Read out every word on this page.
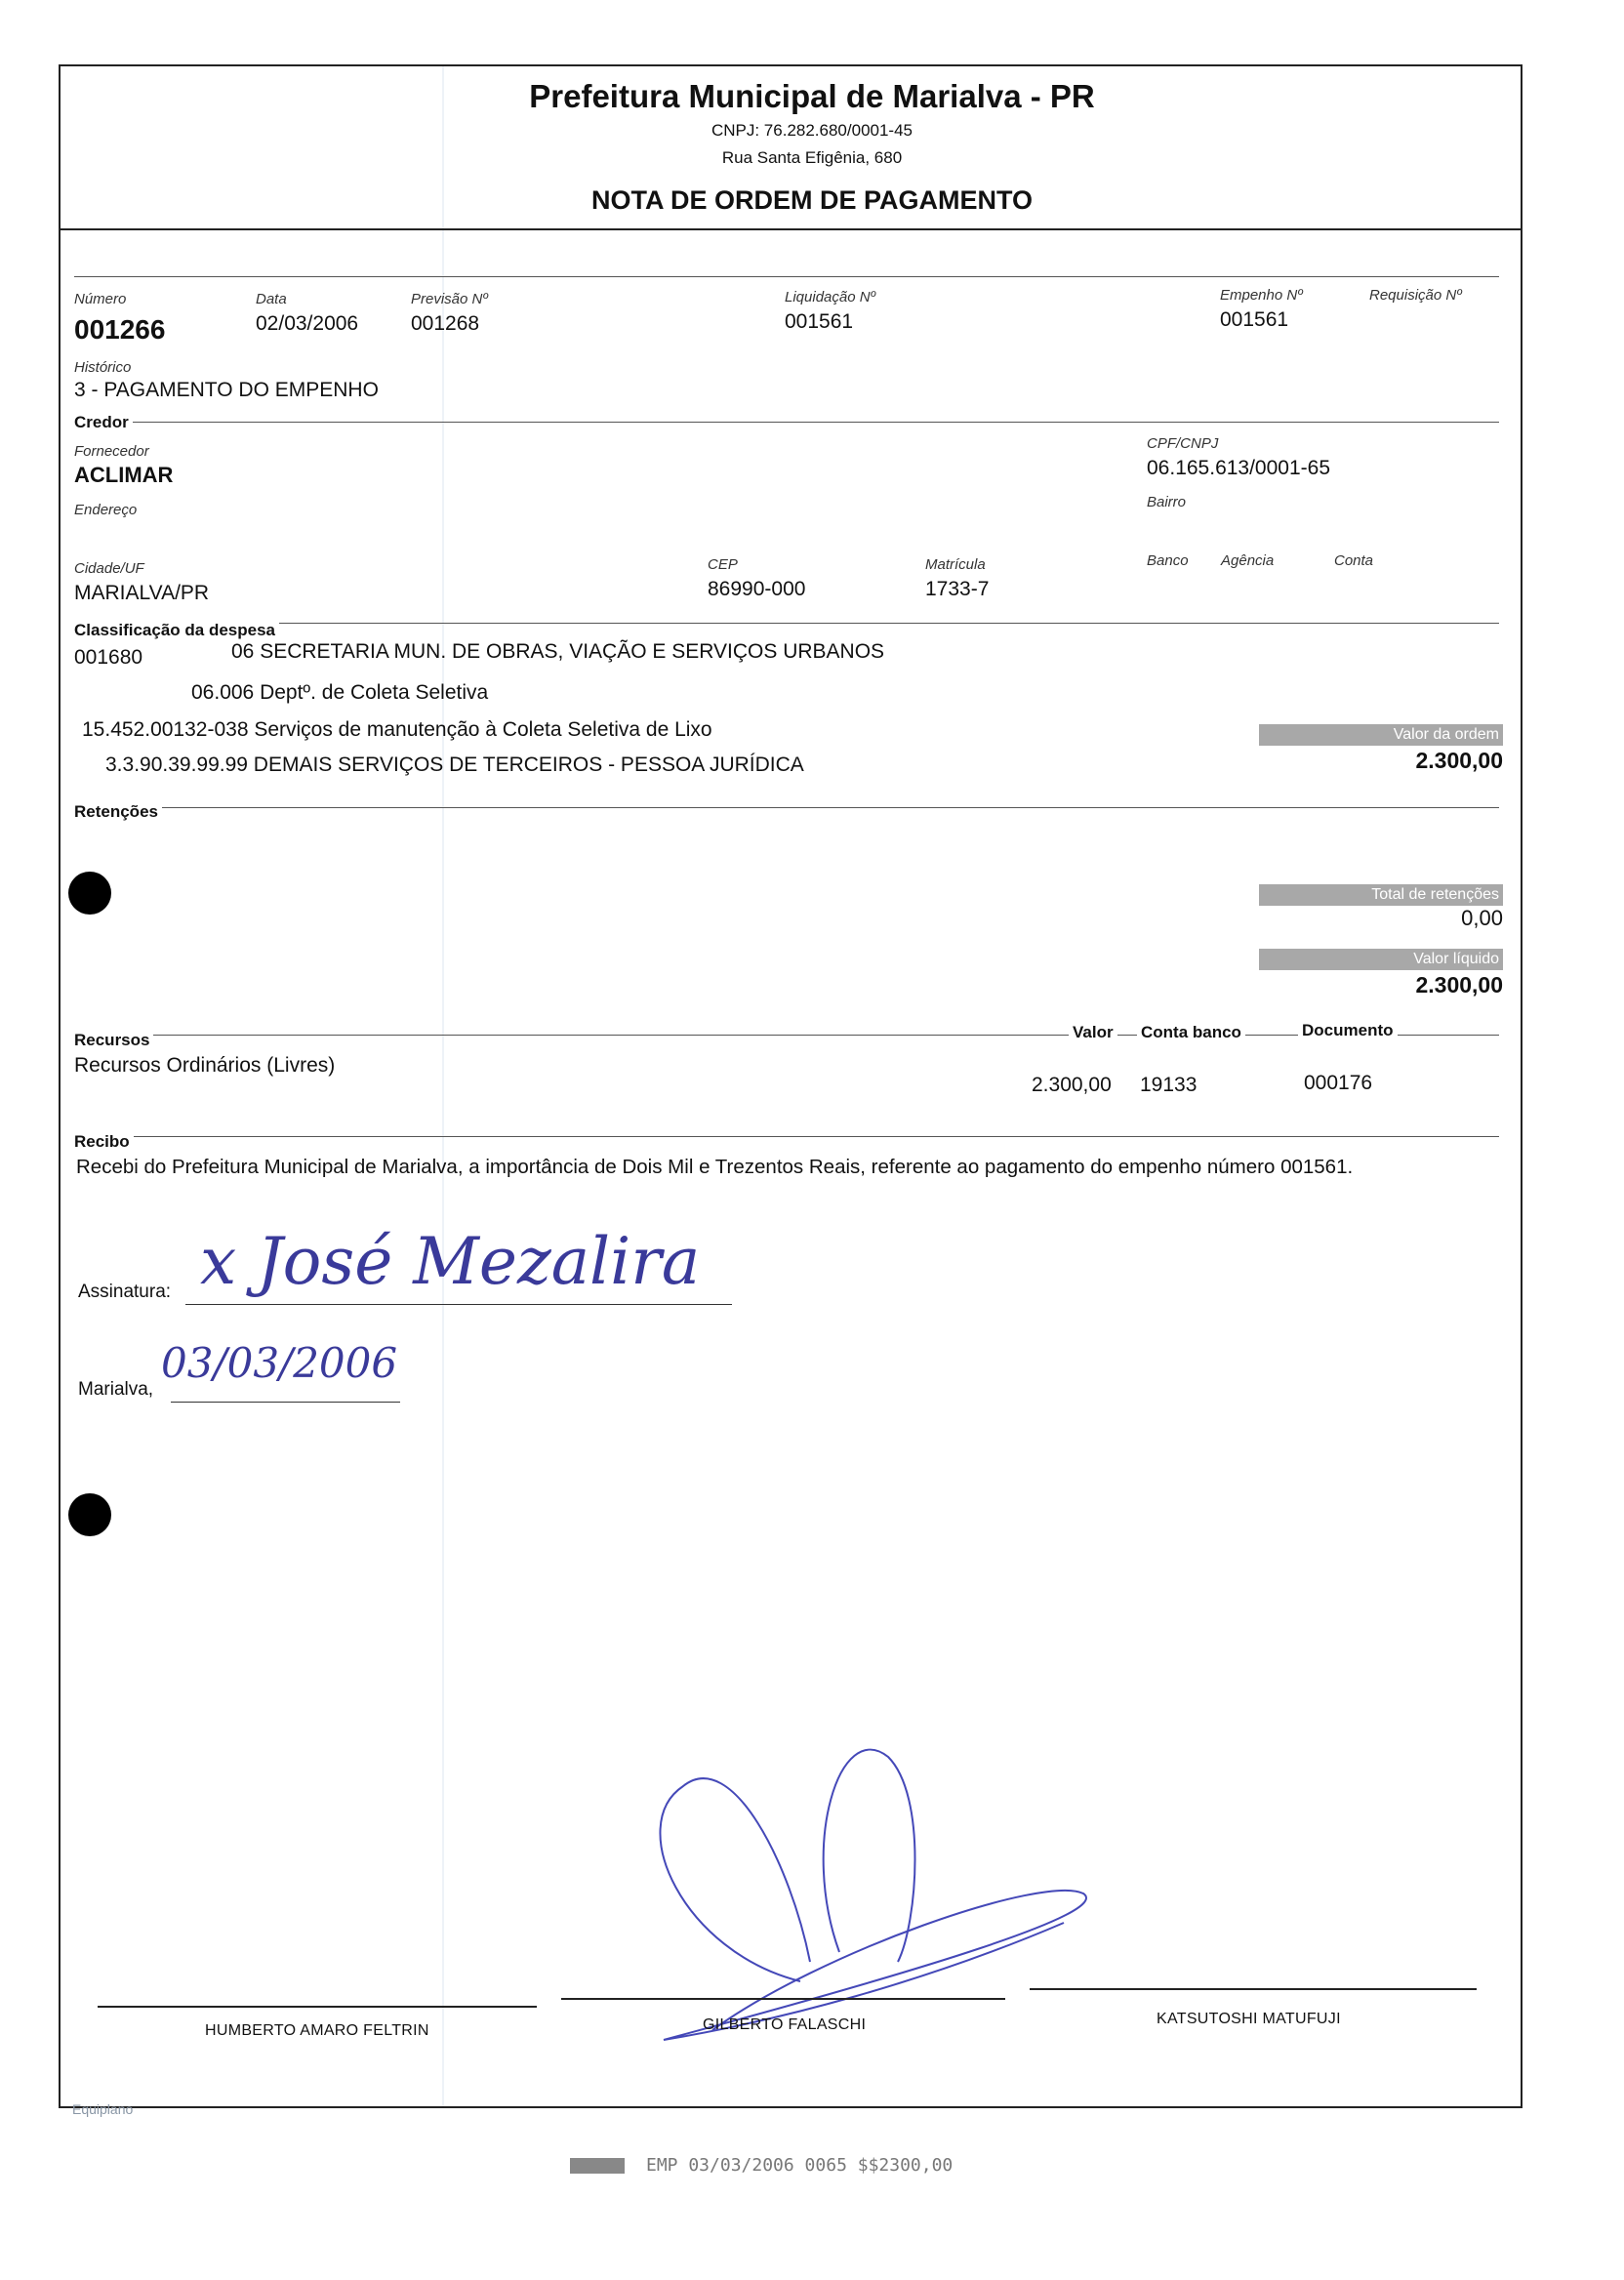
Prefeitura Municipal de Marialva - PR
CNPJ: 76.282.680/0001-45
Rua Santa Efigênia, 680
NOTA DE ORDEM DE PAGAMENTO
Número
001266
Data
02/03/2006
Previsão Nº
001268
Liquidação Nº
001561
Empenho Nº
001561
Requisição Nº
Histórico
3 - PAGAMENTO DO EMPENHO
Credor
Fornecedor
ACLIMAR
CPF/CNPJ
06.165.613/0001-65
Endereço	Bairro
Cidade/UF
MARIALVA/PR
CEP
86990-000
Matrícula
1733-7
Banco Agência	Conta
Classificação da despesa
001680	06 SECRETARIA MUN. DE OBRAS, VIAÇÃO E SERVIÇOS URBANOS
06.006 Deptº. de Coleta Seletiva
15.452.00132-038 Serviços de manutenção à Coleta Seletiva de Lixo
3.3.90.39.99.99 DEMAIS SERVIÇOS DE TERCEIROS - PESSOA JURÍDICA
Valor da ordem
2.300,00
Retenções
Total de retenções
0,00
Valor líquido
2.300,00
Recursos	Valor Conta banco	Documento
Recursos Ordinários (Livres)
2.300,00 19133	000176
Recibo
Recebi do Prefeitura Municipal de Marialva, a importância de Dois Mil e Trezentos Reais, referente ao pagamento do empenho número 001561.
Assinatura: x José Mezalira
Marialva,
03/03/2006
HUMBERTO AMARO FELTRIN	GILBERTO FALASCHI	KATSUTOSHI MATUFUJI
Equiplano
EMP 03/03/2006 0065 $$2300,00
